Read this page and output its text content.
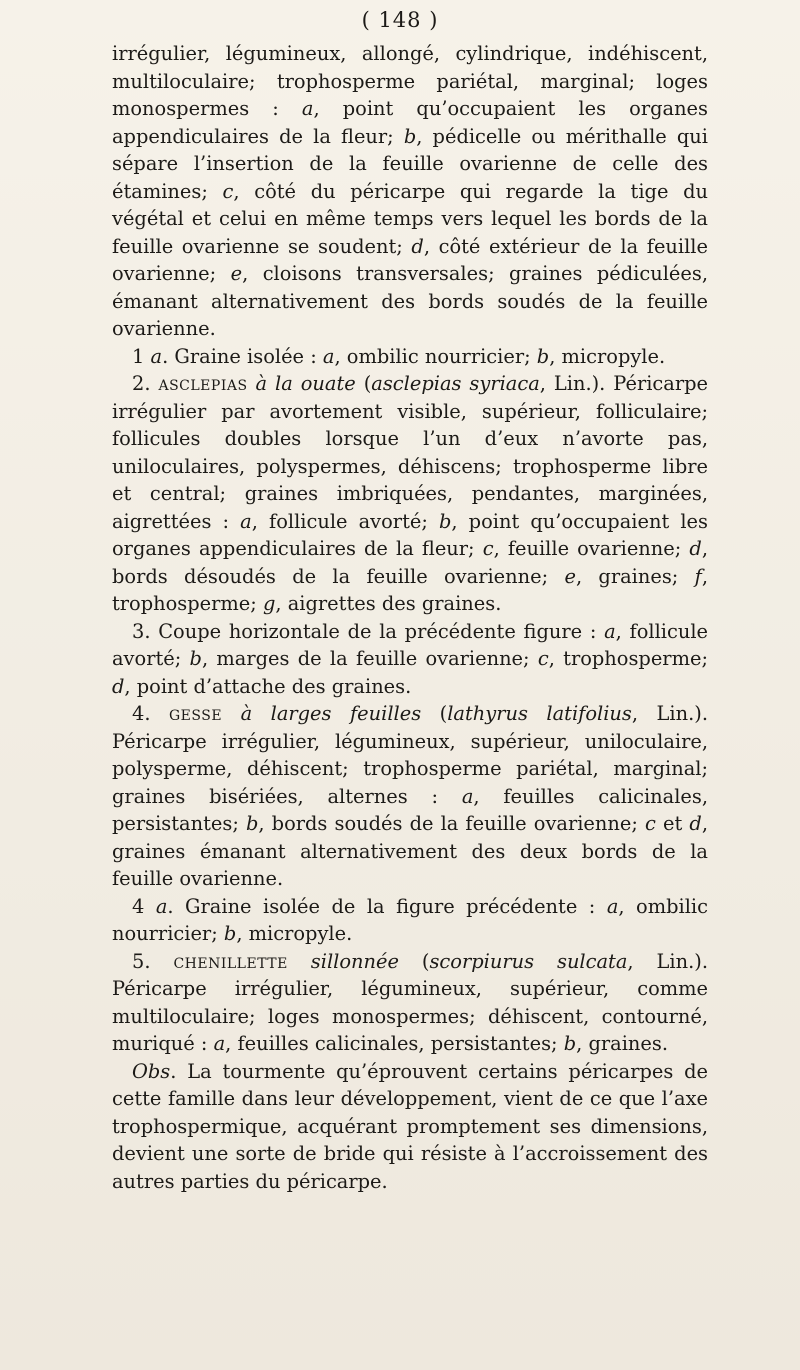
( 148 )

irrégulier, légumineux, allongé, cylindrique, indéhiscent, multiloculaire; trophosperme pariétal, marginal; loges monospermes : a, point qu’occupaient les organes appendiculaires de la fleur; b, pédicelle ou mérithalle qui sépare l’insertion de la feuille ovarienne de celle des étamines; c, côté du péricarpe qui regarde la tige du végétal et celui en même temps vers lequel les bords de la feuille ovarienne se soudent; d, côté extérieur de la feuille ovarienne; e, cloisons transversales; graines pédiculées, émanant alternativement des bords soudés de la feuille ovarienne.

1 a. Graine isolée : a, ombilic nourricier; b, micropyle.

2. asclepias à la ouate (asclepias syriaca, Lin.). Péricarpe irrégulier par avortement visible, supérieur, folliculaire; follicules doubles lorsque l’un d’eux n’avorte pas, uniloculaires, polyspermes, déhiscens; trophosperme libre et central; graines imbriquées, pendantes, marginées, aigrettées : a, follicule avorté; b, point qu’occupaient les organes appendiculaires de la fleur; c, feuille ovarienne; d, bords désoudés de la feuille ovarienne; e, graines; f, trophosperme; g, aigrettes des graines.

3. Coupe horizontale de la précédente figure : a, follicule avorté; b, marges de la feuille ovarienne; c, trophosperme; d, point d’attache des graines.

4. gesse à larges feuilles (lathyrus latifolius, Lin.). Péricarpe irrégulier, légumineux, supérieur, uniloculaire, polysperme, déhiscent; trophosperme pariétal, marginal; graines bisériées, alternes : a, feuilles calicinales, persistantes; b, bords soudés de la feuille ovarienne; c et d, graines émanant alternativement des deux bords de la feuille ovarienne.

4 a. Graine isolée de la figure précédente : a, ombilic nourricier; b, micropyle.

5. chenillette sillonnée (scorpiurus sulcata, Lin.). Péricarpe irrégulier, légumineux, supérieur, comme multiloculaire; loges monospermes; déhiscent, contourné, muriqué : a, feuilles calicinales, persistantes; b, graines.

Obs. La tourmente qu’éprouvent certains péricarpes de cette famille dans leur développement, vient de ce que l’axe trophospermique, acquérant promptement ses dimensions, devient une sorte de bride qui résiste à l’accroissement des autres parties du péricarpe.
